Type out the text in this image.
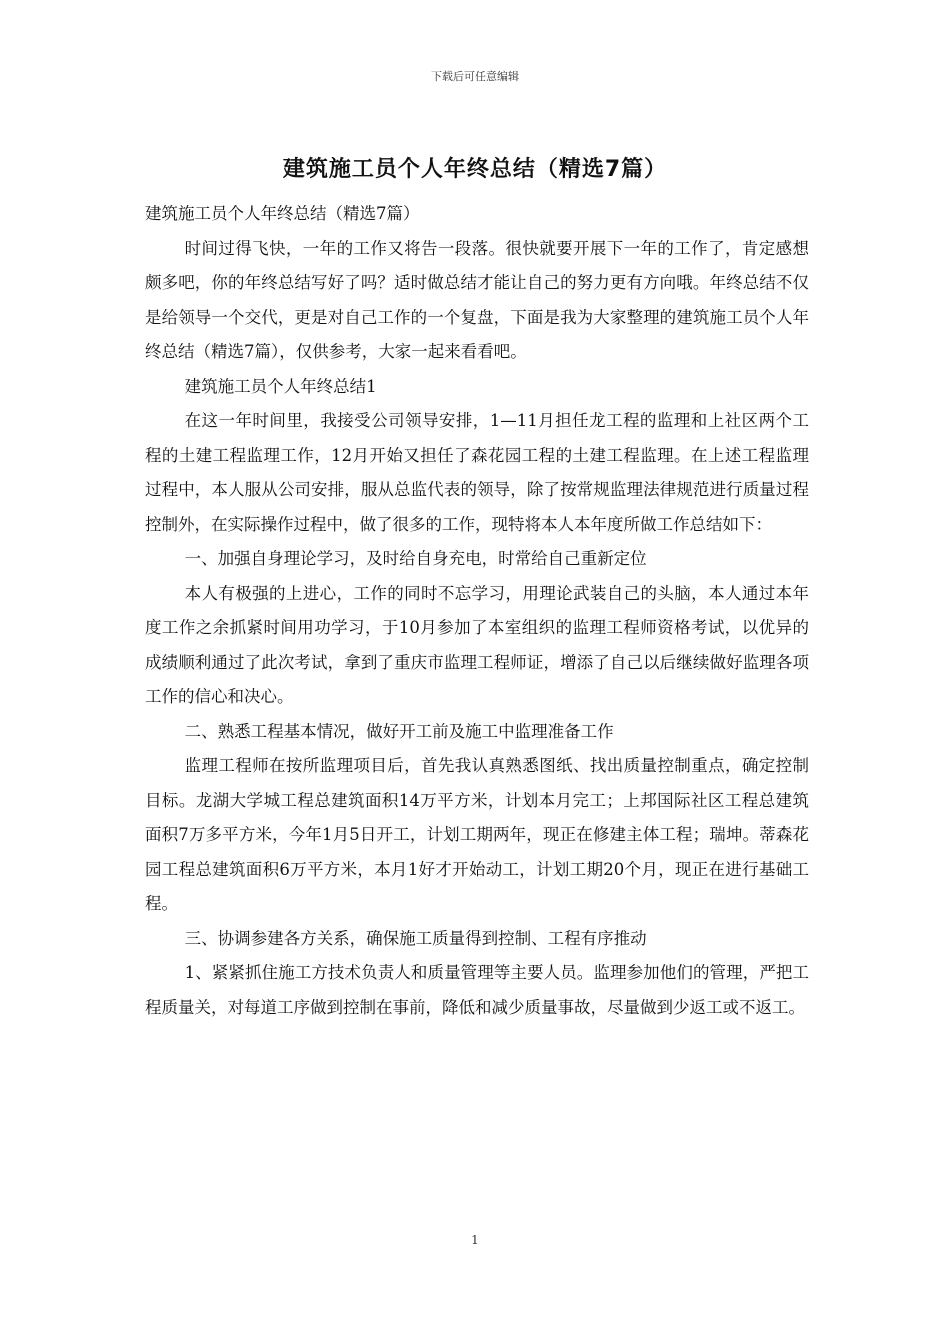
下载后可任意编辑
建筑施工员个人年终总结（精选7篇）

建筑施工员个人年终总结（精选7篇）

时间过得飞快，一年的工作又将告一段落。很快就要开展下一年的工作了，肯定感想颇多吧，你的年终总结写好了吗？适时做总结才能让自己的努力更有方向哦。年终总结不仅是给领导一个交代，更是对自己工作的一个复盘，下面是我为大家整理的建筑施工员个人年终总结（精选7篇），仅供参考，大家一起来看看吧。

建筑施工员个人年终总结1

在这一年时间里，我接受公司领导安排，1—11月担任龙工程的监理和上社区两个工程的土建工程监理工作，12月开始又担任了森花园工程的土建工程监理。在上述工程监理过程中，本人服从公司安排，服从总监代表的领导，除了按常规监理法律规范进行质量过程控制外，在实际操作过程中，做了很多的工作，现特将本人本年度所做工作总结如下：

一、加强自身理论学习，及时给自身充电，时常给自己重新定位

本人有极强的上进心，工作的同时不忘学习，用理论武装自己的头脑，本人通过本年度工作之余抓紧时间用功学习，于10月参加了本室组织的监理工程师资格考试，以优异的成绩顺利通过了此次考试，拿到了重庆市监理工程师证，增添了自己以后继续做好监理各项工作的信心和决心。

二、熟悉工程基本情况，做好开工前及施工中监理准备工作

监理工程师在按所监理项目后，首先我认真熟悉图纸、找出质量控制重点，确定控制目标。龙湖大学城工程总建筑面积14万平方米，计划本月完工；上邦国际社区工程总建筑面积7万多平方米，今年1月5日开工，计划工期两年，现正在修建主体工程；瑞坤。蒂森花园工程总建筑面积6万平方米，本月1好才开始动工，计划工期20个月，现正在进行基础工程。

三、协调参建各方关系，确保施工质量得到控制、工程有序推动

1、紧紧抓住施工方技术负责人和质量管理等主要人员。监理参加他们的管理，严把工程质量关，对每道工序做到控制在事前，降低和减少质量事故，尽量做到少返工或不返工。

1
